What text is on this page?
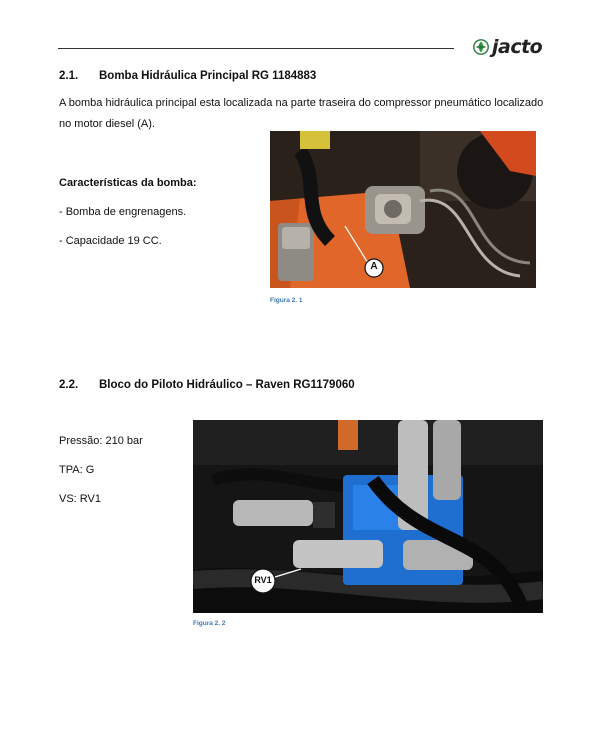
jacto
2.1. Bomba Hidráulica Principal RG 1184883
A bomba hidráulica principal esta localizada na parte traseira do compressor pneumático localizado
no motor diesel (A).
Características da bomba:
- Bomba de engrenagens.
- Capacidade 19 CC.
A
Figura 2. 1
2.2. Bloco do Piloto Hidráulico – Raven RG1179060
Pressão: 210 bar
TPA: G
VS: RV1
RV1
Figura 2. 2
